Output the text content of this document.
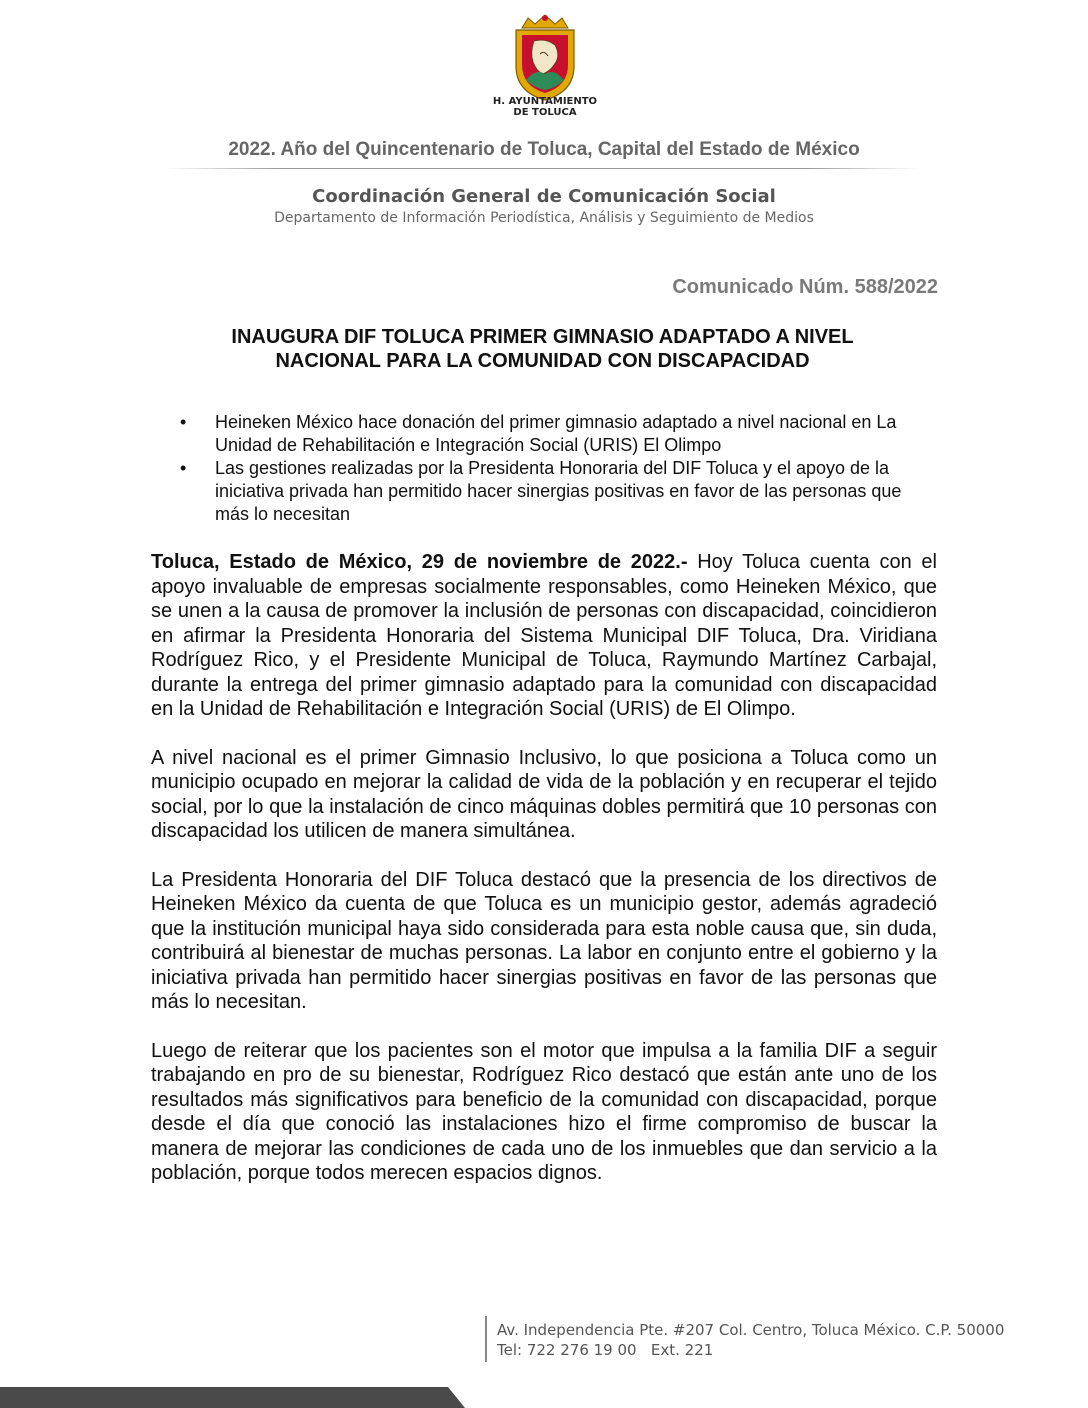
H. AYUNTAMIENTO
DE TOLUCA
2022. Año del Quincentenario de Toluca, Capital del Estado de México
Coordinación General de Comunicación Social
Departamento de Información Periodística, Análisis y Seguimiento de Medios
Comunicado Núm. 588/2022
INAUGURA DIF TOLUCA PRIMER GIMNASIO ADAPTADO A NIVEL
NACIONAL PARA LA COMUNIDAD CON DISCAPACIDAD
• Heineken México hace donación del primer gimnasio adaptado a nivel nacional en La Unidad de Rehabilitación e Integración Social (URIS) El Olimpo
• Las gestiones realizadas por la Presidenta Honoraria del DIF Toluca y el apoyo de la iniciativa privada han permitido hacer sinergias positivas en favor de las personas que más lo necesitan

Toluca, Estado de México, 29 de noviembre de 2022.- Hoy Toluca cuenta con el apoyo invaluable de empresas socialmente responsables, como Heineken México, que se unen a la causa de promover la inclusión de personas con discapacidad, coincidieron en afirmar la Presidenta Honoraria del Sistema Municipal DIF Toluca, Dra. Viridiana Rodríguez Rico, y el Presidente Municipal de Toluca, Raymundo Martínez Carbajal, durante la entrega del primer gimnasio adaptado para la comunidad con discapacidad en la Unidad de Rehabilitación e Integración Social (URIS) de El Olimpo.

A nivel nacional es el primer Gimnasio Inclusivo, lo que posiciona a Toluca como un municipio ocupado en mejorar la calidad de vida de la población y en recuperar el tejido social, por lo que la instalación de cinco máquinas dobles permitirá que 10 personas con discapacidad los utilicen de manera simultánea.

La Presidenta Honoraria del DIF Toluca destacó que la presencia de los directivos de Heineken México da cuenta de que Toluca es un municipio gestor, además agradeció que la institución municipal haya sido considerada para esta noble causa que, sin duda, contribuirá al bienestar de muchas personas. La labor en conjunto entre el gobierno y la iniciativa privada han permitido hacer sinergias positivas en favor de las personas que más lo necesitan.

Luego de reiterar que los pacientes son el motor que impulsa a la familia DIF a seguir trabajando en pro de su bienestar, Rodríguez Rico destacó que están ante uno de los resultados más significativos para beneficio de la comunidad con discapacidad, porque desde el día que conoció las instalaciones hizo el firme compromiso de buscar la manera de mejorar las condiciones de cada uno de los inmuebles que dan servicio a la población, porque todos merecen espacios dignos.

Av. Independencia Pte. #207 Col. Centro, Toluca México. C.P. 50000
Tel: 722 276 19 00 Ext. 221
